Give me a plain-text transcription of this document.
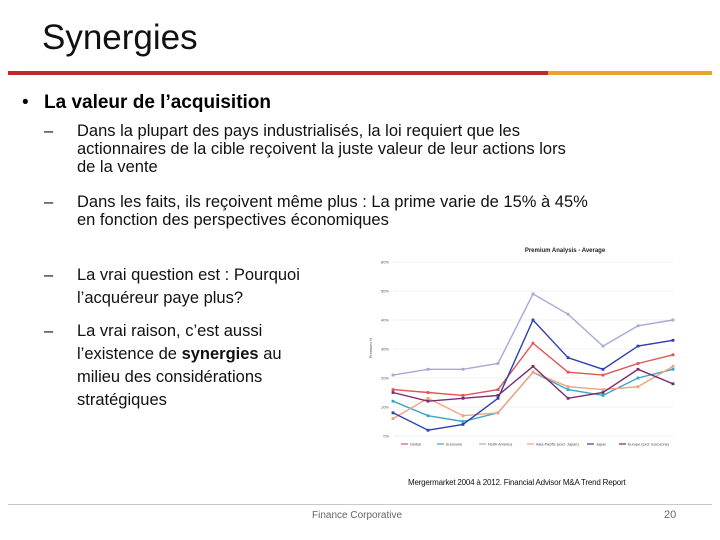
Synergies
• La valeur de l’acquisition
– Dans la plupart des pays industrialisés, la loi requiert que les
actionnaires de la cible reçoivent la juste valeur de leur actions lors
de la vente
– Dans les faits, ils reçoivent même plus : La prime varie de 15% à 45%
en fonction des perspectives économiques
– La vrai question est : Pourquoi
l’acquéreur paye plus?
– La vrai raison, c’est aussi
l’existence de synergies au
milieu des considérations
stratégiques
Premium Analysis - Average
Premium %
0%
10%
20%
30%
40%
50%
60%
Global	Eurozone	North America	Asia-Pacific (excl. Japan)	Japan	Europe (excl. Eurozone)
Mergermarket 2004 à 2012. Financial Advisor M&A Trend Report
Finance Corporative	20
